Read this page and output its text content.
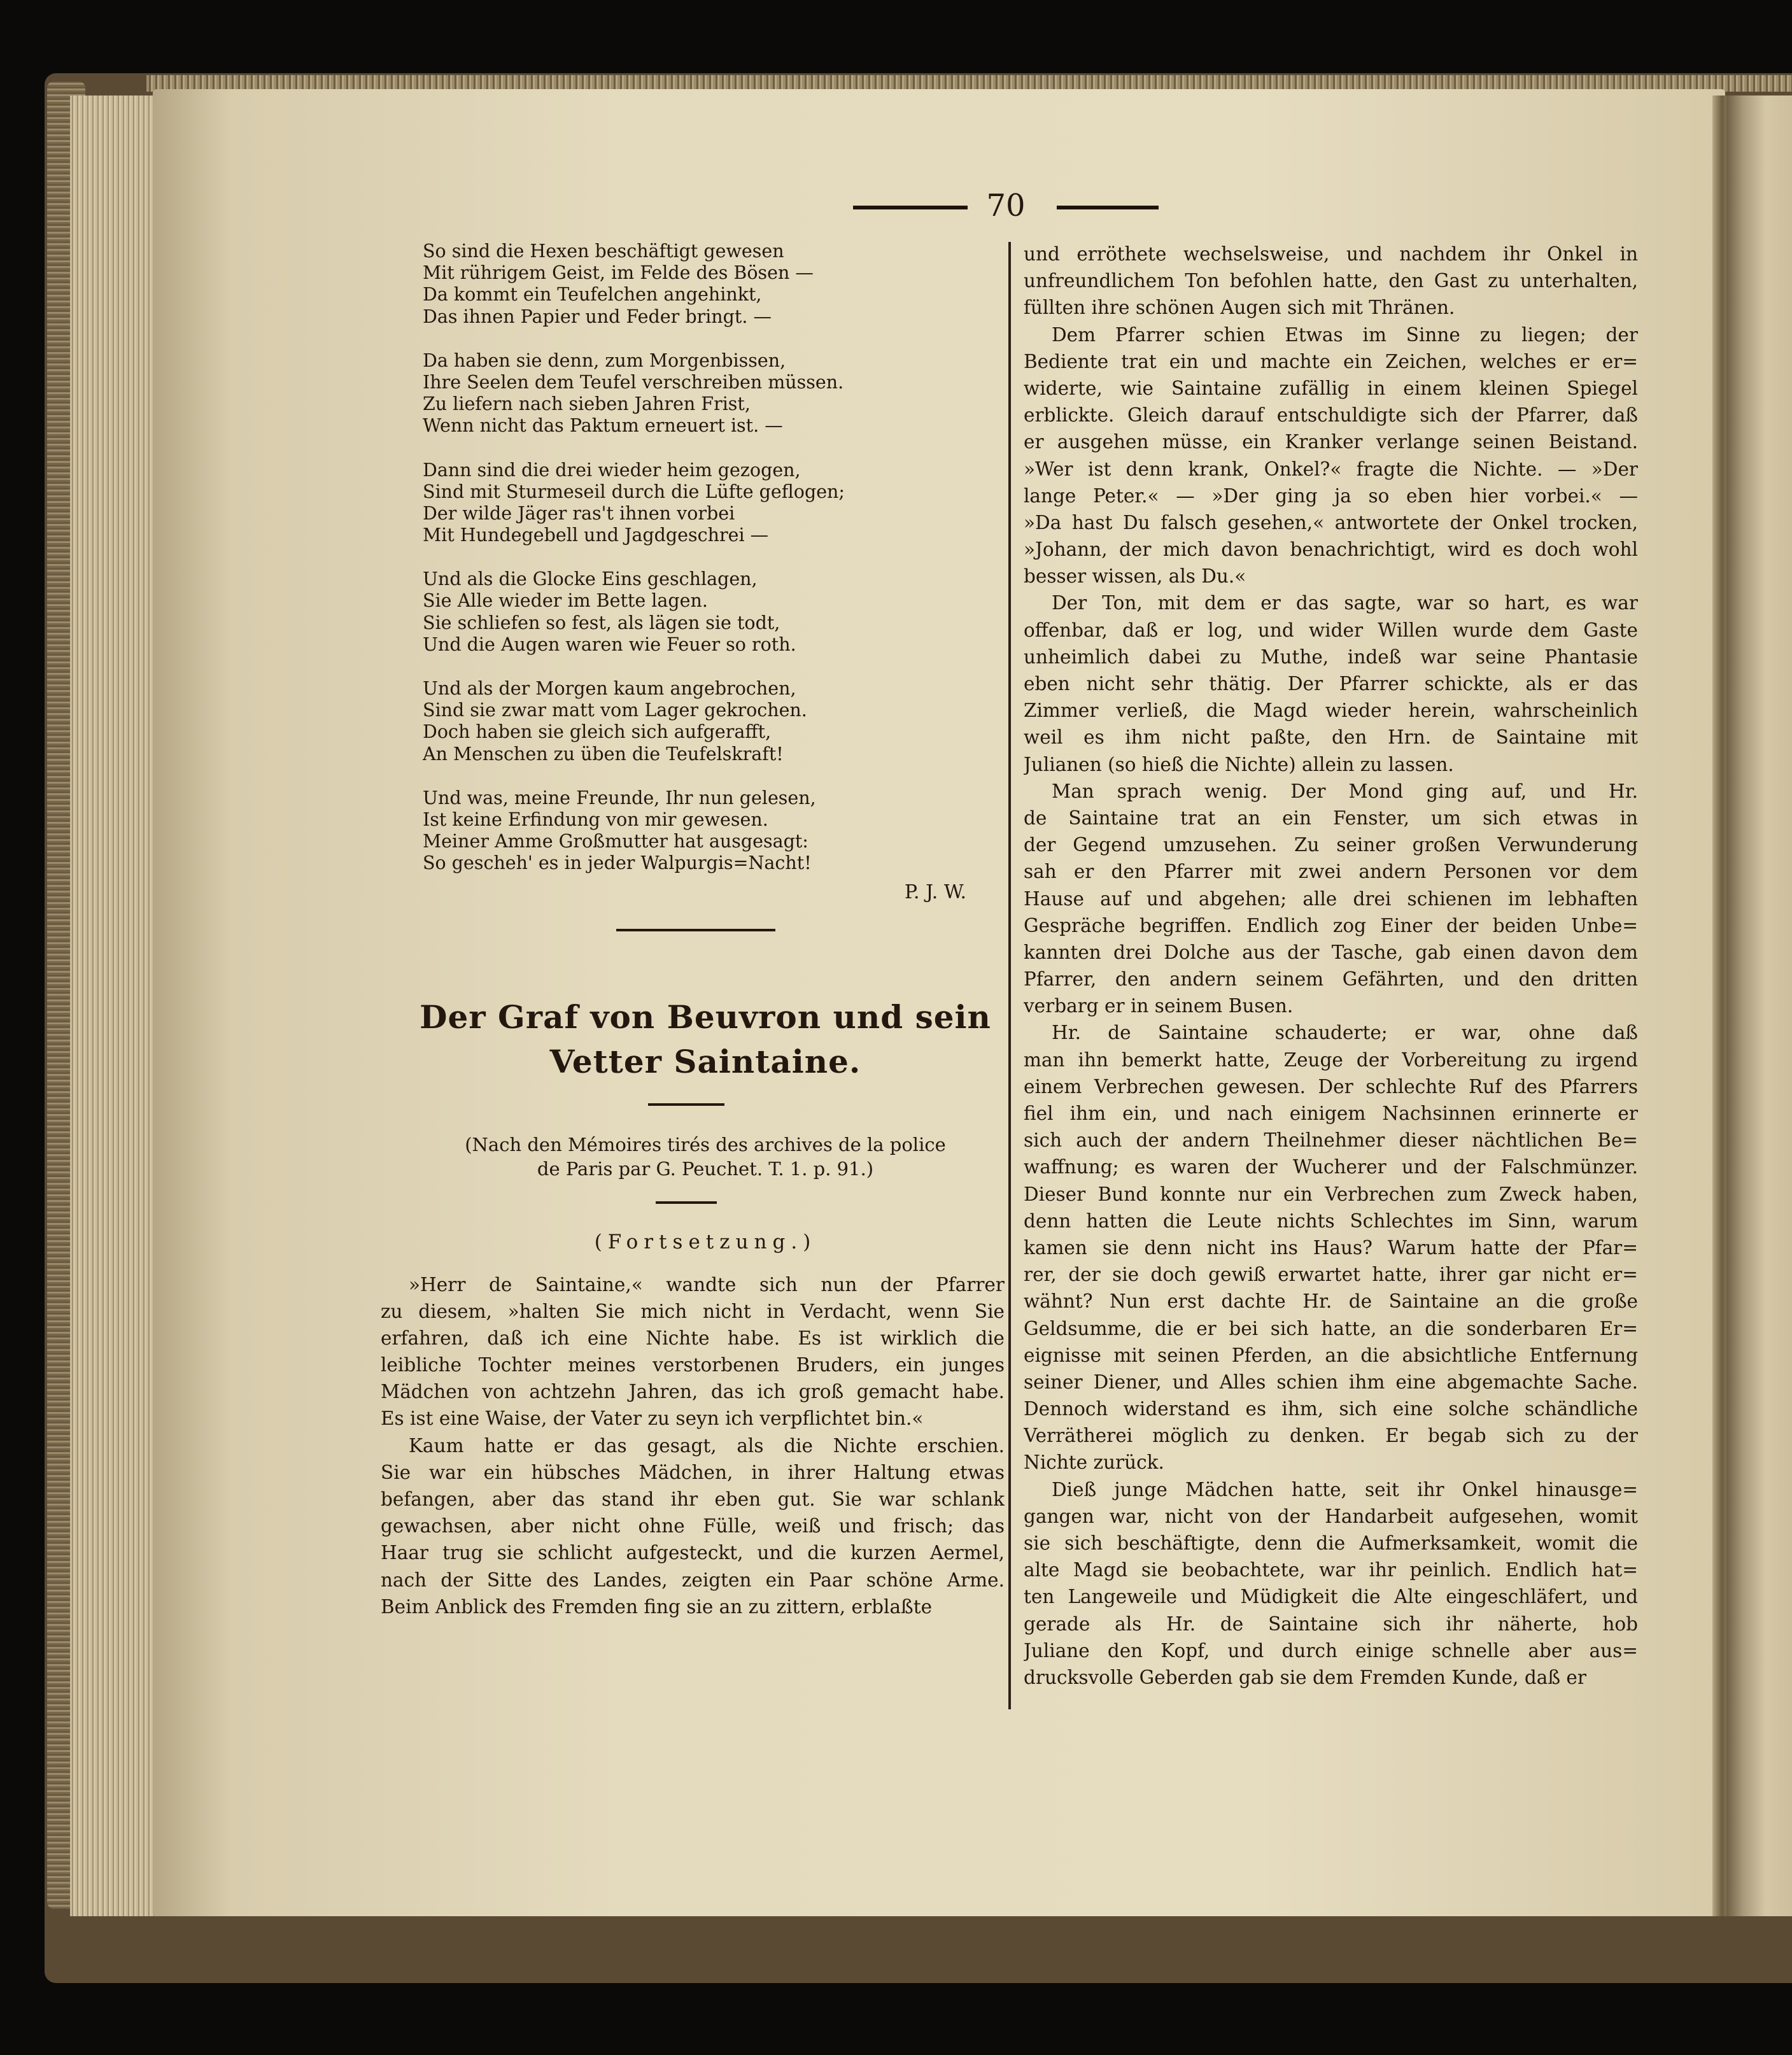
70
So sind die Hexen beschäftigt gewesen
Mit rührigem Geist, im Felde des Bösen —
Da kommt ein Teufelchen angehinkt,
Das ihnen Papier und Feder bringt. —
Da haben sie denn, zum Morgenbissen,
Ihre Seelen dem Teufel verschreiben müssen.
Zu liefern nach sieben Jahren Frist,
Wenn nicht das Paktum erneuert ist. —
Dann sind die drei wieder heim gezogen,
Sind mit Sturmeseil durch die Lüfte geflogen;
Der wilde Jäger ras't ihnen vorbei
Mit Hundegebell und Jagdgeschrei —
Und als die Glocke Eins geschlagen,
Sie Alle wieder im Bette lagen.
Sie schliefen so fest, als lägen sie todt,
Und die Augen waren wie Feuer so roth.
Und als der Morgen kaum angebrochen,
Sind sie zwar matt vom Lager gekrochen.
Doch haben sie gleich sich aufgerafft,
An Menschen zu üben die Teufelskraft!
Und was, meine Freunde, Ihr nun gelesen,
Ist keine Erfindung von mir gewesen.
Meiner Amme Großmutter hat ausgesagt:
So gescheh' es in jeder Walpurgis=Nacht!
P. J. W.
Der Graf von Beuvron und sein
Vetter Saintaine.
(Nach den Mémoires tirés des archives de la police
de Paris par G. Peuchet. T. 1. p. 91.)
(Fortsetzung.)
»Herr de Saintaine,« wandte sich nun der Pfarrer
zu diesem, »halten Sie mich nicht in Verdacht, wenn Sie
erfahren, daß ich eine Nichte habe. Es ist wirklich die
leibliche Tochter meines verstorbenen Bruders, ein junges
Mädchen von achtzehn Jahren, das ich groß gemacht habe.
Es ist eine Waise, der Vater zu seyn ich verpflichtet bin.«
Kaum hatte er das gesagt, als die Nichte erschien.
Sie war ein hübsches Mädchen, in ihrer Haltung etwas
befangen, aber das stand ihr eben gut. Sie war schlank
gewachsen, aber nicht ohne Fülle, weiß und frisch; das
Haar trug sie schlicht aufgesteckt, und die kurzen Aermel,
nach der Sitte des Landes, zeigten ein Paar schöne Arme.
Beim Anblick des Fremden fing sie an zu zittern, erblaßte
und erröthete wechselsweise, und nachdem ihr Onkel in
unfreundlichem Ton befohlen hatte, den Gast zu unterhalten,
füllten ihre schönen Augen sich mit Thränen.
Dem Pfarrer schien Etwas im Sinne zu liegen; der
Bediente trat ein und machte ein Zeichen, welches er er=
widerte, wie Saintaine zufällig in einem kleinen Spiegel
erblickte. Gleich darauf entschuldigte sich der Pfarrer, daß
er ausgehen müsse, ein Kranker verlange seinen Beistand.
»Wer ist denn krank, Onkel?« fragte die Nichte. — »Der
lange Peter.« — »Der ging ja so eben hier vorbei.« —
»Da hast Du falsch gesehen,« antwortete der Onkel trocken,
»Johann, der mich davon benachrichtigt, wird es doch wohl
besser wissen, als Du.«
Der Ton, mit dem er das sagte, war so hart, es war
offenbar, daß er log, und wider Willen wurde dem Gaste
unheimlich dabei zu Muthe, indeß war seine Phantasie
eben nicht sehr thätig. Der Pfarrer schickte, als er das
Zimmer verließ, die Magd wieder herein, wahrscheinlich
weil es ihm nicht paßte, den Hrn. de Saintaine mit
Julianen (so hieß die Nichte) allein zu lassen.
Man sprach wenig. Der Mond ging auf, und Hr.
de Saintaine trat an ein Fenster, um sich etwas in
der Gegend umzusehen. Zu seiner großen Verwunderung
sah er den Pfarrer mit zwei andern Personen vor dem
Hause auf und abgehen; alle drei schienen im lebhaften
Gespräche begriffen. Endlich zog Einer der beiden Unbe=
kannten drei Dolche aus der Tasche, gab einen davon dem
Pfarrer, den andern seinem Gefährten, und den dritten
verbarg er in seinem Busen.
Hr. de Saintaine schauderte; er war, ohne daß
man ihn bemerkt hatte, Zeuge der Vorbereitung zu irgend
einem Verbrechen gewesen. Der schlechte Ruf des Pfarrers
fiel ihm ein, und nach einigem Nachsinnen erinnerte er
sich auch der andern Theilnehmer dieser nächtlichen Be=
waffnung; es waren der Wucherer und der Falschmünzer.
Dieser Bund konnte nur ein Verbrechen zum Zweck haben,
denn hatten die Leute nichts Schlechtes im Sinn, warum
kamen sie denn nicht ins Haus? Warum hatte der Pfar=
rer, der sie doch gewiß erwartet hatte, ihrer gar nicht er=
wähnt? Nun erst dachte Hr. de Saintaine an die große
Geldsumme, die er bei sich hatte, an die sonderbaren Er=
eignisse mit seinen Pferden, an die absichtliche Entfernung
seiner Diener, und Alles schien ihm eine abgemachte Sache.
Dennoch widerstand es ihm, sich eine solche schändliche
Verrätherei möglich zu denken. Er begab sich zu der
Nichte zurück.
Dieß junge Mädchen hatte, seit ihr Onkel hinausge=
gangen war, nicht von der Handarbeit aufgesehen, womit
sie sich beschäftigte, denn die Aufmerksamkeit, womit die
alte Magd sie beobachtete, war ihr peinlich. Endlich hat=
ten Langeweile und Müdigkeit die Alte eingeschläfert, und
gerade als Hr. de Saintaine sich ihr näherte, hob
Juliane den Kopf, und durch einige schnelle aber aus=
drucksvolle Geberden gab sie dem Fremden Kunde, daß er
